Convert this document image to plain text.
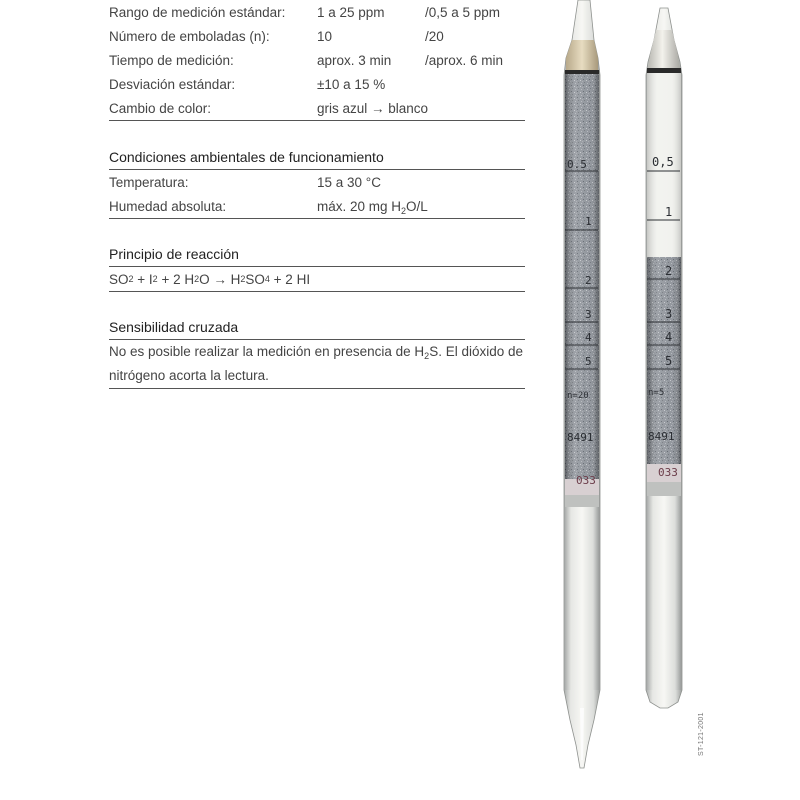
Rango de medición estándar:	1 a 25 ppm	/0,5 a 5 ppm
Número de emboladas (n):	10	/20
Tiempo de medición:	aprox. 3 min	/aprox. 6 min
Desviación estándar:	±10 a 15 %
Cambio de color:	gris azul → blanco
Condiciones ambientales de funcionamiento
Temperatura:	15 a 30 °C
Humedad absoluta:	máx. 20 mg $H_2O/L$
Principio de reacción
SO 2 + I 2 + 2 H 2 O → H 2 SO 4 + 2 HI
Sensibilidad cruzada
No es posible realizar la medición en presencia de $H_2S$. El dióxido de nitrógeno acorta la lectura.
0.5
1
2
3
4
5
n=20
8491
033
0,5
1
2
3
4
5
n=5
8491
033
ST-121-2001
